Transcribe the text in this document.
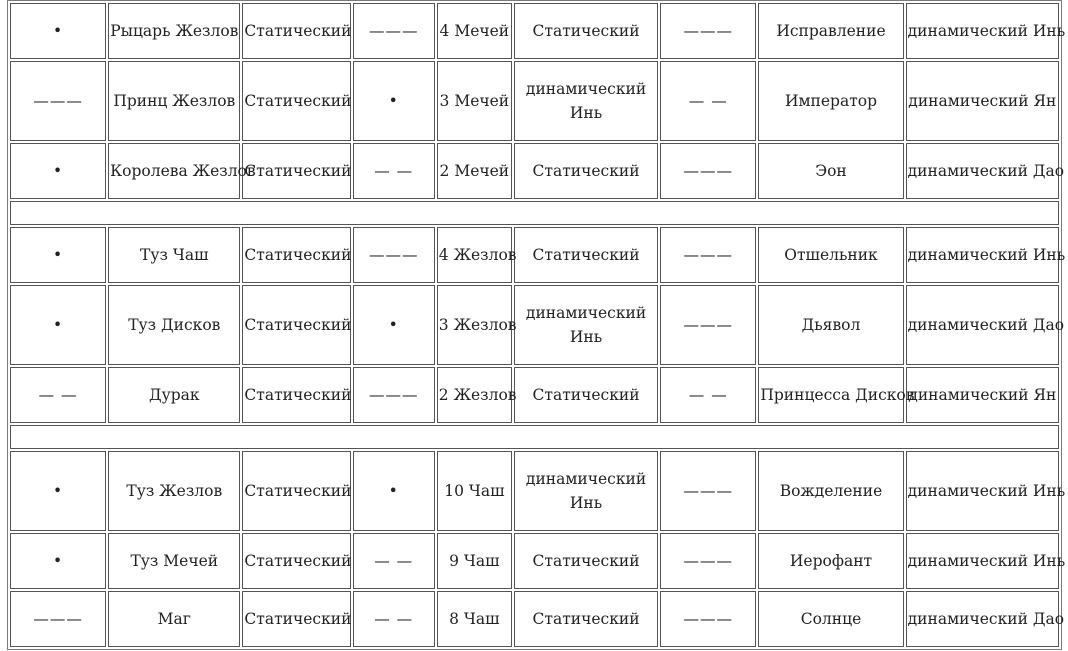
•	Рыцарь Жезлов	Статический	———	4 Мечей	Статический	———	Исправление	динамический Инь
———	Принц Жезлов	Статический	•	3 Мечей	динамический Инь	— —	Император	динамический Ян
•	Королева Жезлов	Статический	— —	2 Мечей	Статический	———	Эон	динамический Дао

•	Туз Чаш	Статический	———	4 Жезлов	Статический	———	Отшельник	динамический Инь
•	Туз Дисков	Статический	•	3 Жезлов	динамический Инь	———	Дьявол	динамический Дао
— —	Дурак	Статический	———	2 Жезлов	Статический	— —	Принцесса Дисков	динамический Ян

•	Туз Жезлов	Статический	•	10 Чаш	динамический Инь	———	Вожделение	динамический Инь
•	Туз Мечей	Статический	— —	9 Чаш	Статический	———	Иерофант	динамический Инь
———	Маг	Статический	— —	8 Чаш	Статический	———	Солнце	динамический Дао
